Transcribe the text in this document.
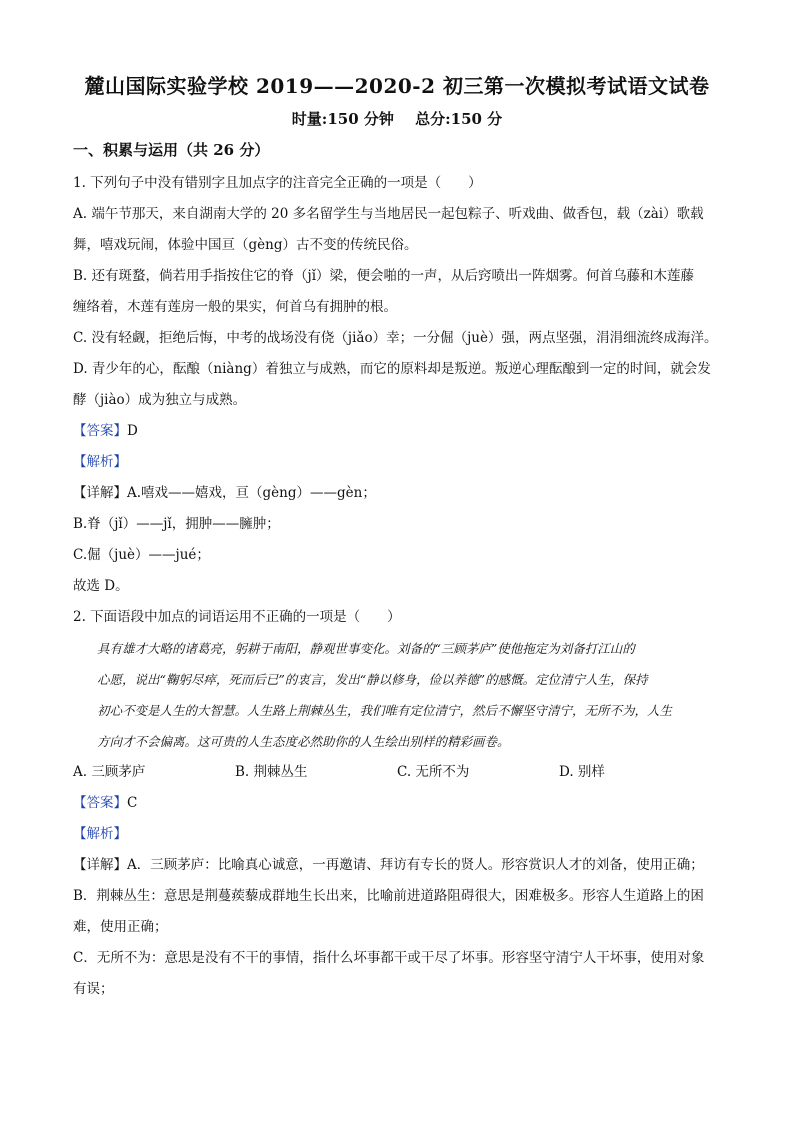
麓山国际实验学校 2019——2020-2 初三第一次模拟考试语文试卷
时量:150 分钟 总分:150 分
一、积累与运用（共 26 分）
1. 下列句子中没有错别字且加点字的注音完全正确的一项是（　　）
A. 端午节那天，来自湖南大学的 20 多名留学生与当地居民一起包粽子、听戏曲、做香包，载（zài）歌载
舞，嘻戏玩闹，体验中国亘（gèng）古不变的传统民俗。
B. 还有斑蝥，倘若用手指按住它的脊（jǐ）梁，便会啪的一声，从后窍喷出一阵烟雾。何首乌藤和木莲藤
缠络着，木莲有莲房一般的果实，何首乌有拥肿的根。
C. 没有轻觑，拒绝后悔，中考的战场没有侥（jiǎo）幸；一分倔（juè）强，两点坚强，涓涓细流终成海洋。
D. 青少年的心，酝酿（niàng）着独立与成熟，而它的原料却是叛逆。叛逆心理酝酿到一定的时间，就会发
酵（jiào）成为独立与成熟。
【答案】D
【解析】
【详解】A.嘻戏——嬉戏，亘（gèng）——gèn；
B.脊（jǐ）——jǐ，拥肿——臃肿；
C.倔（juè）——jué；
故选 D。
2. 下面语段中加点的词语运用不正确的一项是（　　）
具有雄才大略的诸葛亮，躬耕于南阳，静观世事变化。刘备的“三顾茅庐”使他拖定为刘备打江山的
心愿，说出“鞠躬尽瘁，死而后已”的衷言，发出“静以修身，俭以养德”的感慨。定位清宁人生，保持
初心不变是人生的大智慧。人生路上荆棘丛生，我们唯有定位清宁，然后不懈坚守清宁，无所不为，人生
方向才不会偏离。这可贵的人生态度必然助你的人生绘出别样的精彩画卷。
A. 三顾茅庐	B. 荆棘丛生	C. 无所不为	D. 别样
【答案】C
【解析】
【详解】A．三顾茅庐：比喻真心诚意，一再邀请、拜访有专长的贤人。形容赏识人才的刘备，使用正确；
B．荆棘丛生：意思是荆蔓蒺藜成群地生长出来，比喻前进道路阻碍很大，困难极多。形容人生道路上的困
难，使用正确；
C．无所不为：意思是没有不干的事情，指什么坏事都干或干尽了坏事。形容坚守清宁人干坏事，使用对象
有误；
